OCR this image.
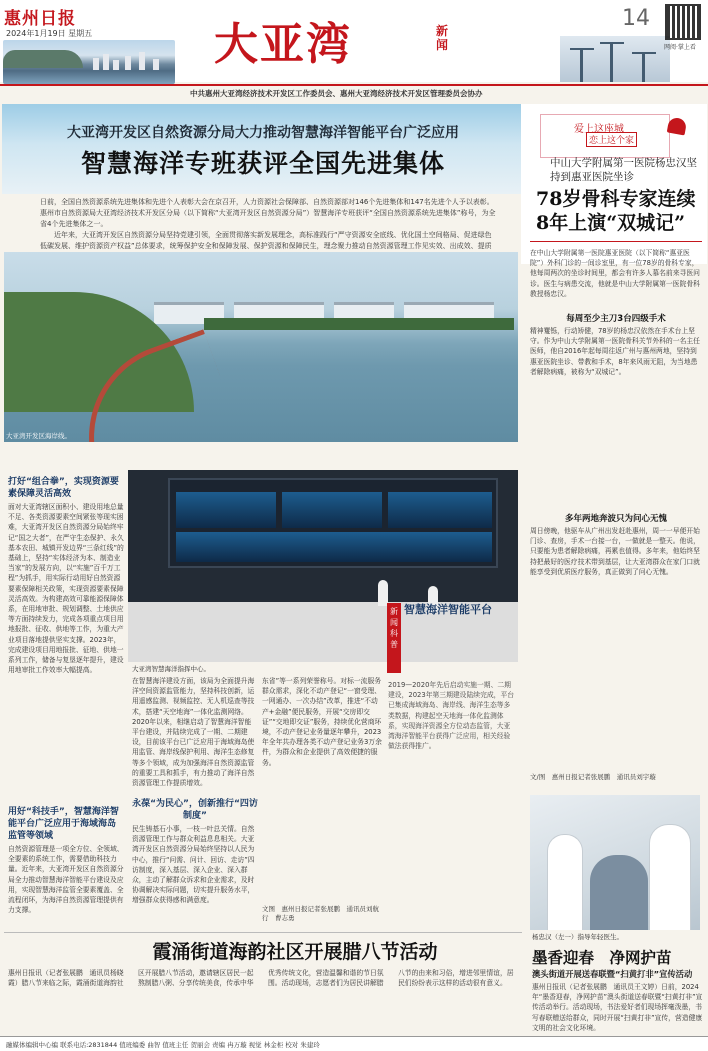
惠州日报
2024年1月19日 星期五	大亚湾	新闻
14
网阅·掌上看
中共惠州大亚湾经济技术开发区工作委员会、惠州大亚湾经济技术开发区管理委员会协办
大亚湾开发区自然资源分局大力推动智慧海洋智能平台广泛应用
智慧海洋专班获评全国先进集体

日前，全国自然资源系统先进集体和先进个人表彰大会在京召开，人力资源社会保障部、自然资源部对146个先进集体和147名先进个人予以表彰。惠州市自然资源局大亚湾经济技术开发区分局（以下简称“大亚湾开发区自然资源分局”）智慧海洋专班获评“全国自然资源系统先进集体”称号，为全省4个先进集体之一。

近年来，大亚湾开发区自然资源分局坚持党建引领，全面贯彻落实新发展理念，高标准践行“严守资源安全底线、优化国土空间格局、促进绿色低碳发展、维护资源资产权益”总体要求，统筹保护安全和保障发展、保护资源和保障民生，理念聚力推动自然资源管理工作见实效、出成效、提质

大亚湾开发区海岸线。
打好“组合拳”，实现资源要素保障灵活高效
面对大亚湾辖区面积小、建设用地总量不足、各类资源要素空间紧张等现实困难，大亚湾开发区自然资源分局始终牢记“国之大者”，在严守生态保护、永久基本农田、城镇开发边界“三条红线”的基础上，坚持“实体经济为本、制造业当家”的发展方向，以“实施”百千万工程”为抓手，用实际行动用好自然资源要素保障相关政策，实现资源要素保障灵活高效。为构建高效可靠能源保障体系，在用地审批、规划调整、土地供应等方面持续发力，完成各项重点项目用地报批、征收、供地等工作，为重大产业项目落地提供坚实支撑。2023年，完成建设项目用地报批、征地、供地一系列工作，储备与复垦逐年提升，建设用地审批工作效率大幅提高。
用好“科技手”，智慧海洋智能平台广泛应用于海域海岛监管等领域
自然资源管理是一项全方位、全领域、全要素的系统工作，需要借助科技力量。近年来，大亚湾开发区自然资源分局全力推动智慧海洋智能平台建设及应用，实现智慧海洋监管全要素覆盖、全流程闭环，为海洋自然资源管理提供有力支撑。
大亚湾智慧海洋指挥中心。
在智慧海洋建设方面，该局为全面提升海洋空间资源监管能力，坚持科技创新，运用遥感监测、视频监控、无人机巡查等技术，搭建“天空地海”一体化监测网络。2020年以来，相继启动了智慧海洋智能平台建设，并陆续完成了一期、二期建设，目前该平台已广泛应用于海域海岛使用监管、海岸线保护利用、海洋生态修复等多个领域，成为加强海洋自然资源监管的重要工具和抓手，有力推动了海洋自然资源管理工作提质增效。
永葆“为民心”，创新推行“四访制度”
民生铸基石小事，一枝一叶总关情。自然资源管理工作与群众利益息息相关。大亚湾开发区自然资源分局始终坚持以人民为中心，推行“问需、问计、回访、走访”四访制度，深入基层、深入企业、深入群众，主动了解群众诉求和企业需求，及时协调解决实际问题，切实提升服务水平，增强群众获得感和满意度。
东省”等一系列荣誉称号。对标一流服务群众需求，深化不动产登记“一窗受理、一网通办、一次办结”改革，推进“不动产+金融”便民服务，开展“交房即交证”“交地即交证”服务，持续优化营商环境，不动产登记业务量逐年攀升，2023年全年共办理各类不动产登记业务3万余件，为群众和企业提供了高效便捷的服务。
文图　惠州日报记者张展鹏　通讯员刘航行　曹志勇
新闻科普
智慧海洋智能平台
2019—2020年先后启动实施一期、二期建设，2023年第三期建设陆续完成，平台已集成海域海岛、海岸线、海洋生态等多类数据，构建起空天地海一体化监测体系，实现海洋资源全方位动态监管，大亚湾海洋智能平台获得广泛应用，相关经验做法获得推广。
爱上这座城
恋上这个家
中山大学附属第一医院杨忠汉坚持到惠亚医院坐诊
78岁骨科专家连续8年上演“双城记”
在中山大学附属第一医院惠亚医院（以下简称“惠亚医院”）外科门诊的一间诊室里，有一位78岁的骨科专家，他每周两次的坐诊时间里，都会有许多人慕名前来寻医问诊。医生与病患交流，他就是中山大学附属第一医院骨科教授杨忠汉。
每周至少主刀3台四级手术
精神矍铄，行动矫健，78岁的杨忠汉依然在手术台上坚守。作为中山大学附属第一医院骨科关节外科的一名主任医师，他自2016年起每周往返广州与惠州两地，坚持到惠亚医院坐诊、带教和手术，8年来风雨无阻，为当地患者解除病痛，被称为“双城记”。
多年两地奔波只为问心无愧
周日傍晚，他驱车从广州出发赶赴惠州，周一一早便开始门诊、查房，手术一台接一台，一做就是一整天。他说，只要能为患者解除病痛，再累也值得。多年来，他始终坚持把最好的医疗技术带到基层，让大亚湾群众在家门口就能享受到优质医疗服务，真正做到了问心无愧。
文/图　惠州日报记者张展鹏　通讯员刘宇璇
杨忠汉（左一）指导年轻医生。
墨香迎春　净网护苗
澳头街道开展送春联暨“扫黄打非”宣传活动
惠州日报讯（记者张展鹏　通讯员王文婷）日前，2024年“墨香迎春，净网护苗”澳头街道送春联暨“扫黄打非”宣传活动举行。活动现场，书法爱好者们现场挥毫泼墨，书写春联赠送给群众，同时开展“扫黄打非”宣传，营造健康文明的社会文化环境。
霞涌街道海韵社区开展腊八节活动
惠州日报讯（记者张展鹏　通讯员杨晓霞）腊八节来临之际，霞涌街道海韵社区开展腊八节活动，邀请辖区居民一起熬制腊八粥、分享传统美食，传承中华优秀传统文化，营造温馨和谐的节日氛围。活动现场，志愿者们为居民讲解腊八节的由来和习俗，增进邻里情谊，居民们纷纷表示这样的活动很有意义。
融媒体编辑中心编 联系电话:2831844 值班编委 曲智 值班主任 贺丽会 责编 冉万璇 视觉 林金柜 校对 朱建玲
